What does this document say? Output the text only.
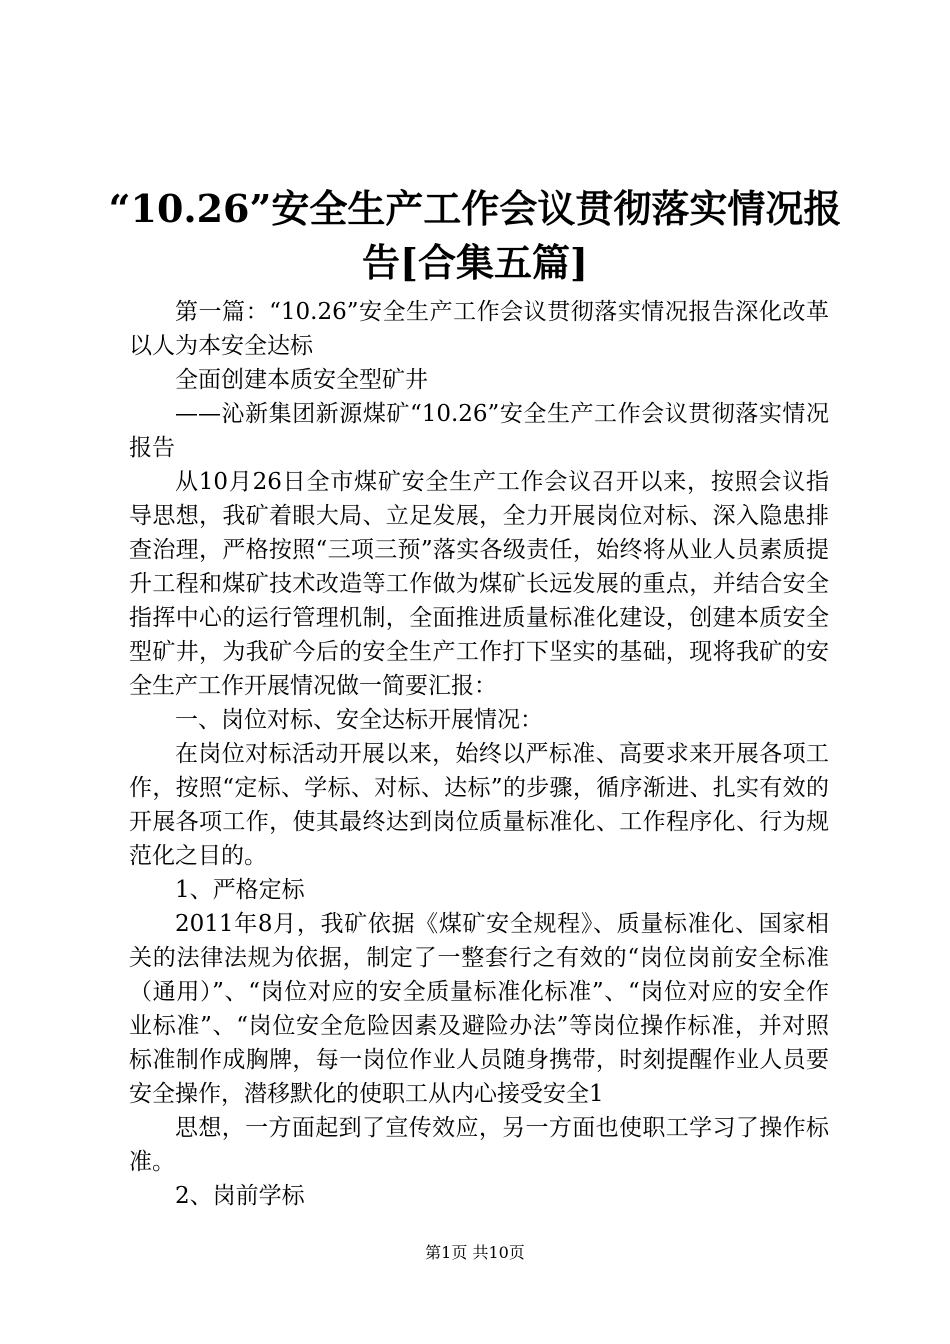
“10.26”安全生产工作会议贯彻落实情况报
告[合集五篇]

第一篇：“10.26”安全生产工作会议贯彻落实情况报告深化改革以人为本安全达标

全面创建本质安全型矿井

——沁新集团新源煤矿“10.26”安全生产工作会议贯彻落实情况报告

从10月26日全市煤矿安全生产工作会议召开以来，按照会议指导思想，我矿着眼大局、立足发展，全力开展岗位对标、深入隐患排查治理，严格按照“三项三预”落实各级责任，始终将从业人员素质提升工程和煤矿技术改造等工作做为煤矿长远发展的重点，并结合安全指挥中心的运行管理机制，全面推进质量标准化建设，创建本质安全型矿井，为我矿今后的安全生产工作打下坚实的基础，现将我矿的安全生产工作开展情况做一简要汇报：

一、岗位对标、安全达标开展情况：

在岗位对标活动开展以来，始终以严标准、高要求来开展各项工作，按照“定标、学标、对标、达标”的步骤，循序渐进、扎实有效的开展各项工作，使其最终达到岗位质量标准化、工作程序化、行为规范化之目的。

1、严格定标

2011年8月，我矿依据《煤矿安全规程》、质量标准化、国家相关的法律法规为依据，制定了一整套行之有效的“岗位岗前安全标准（通用）”、“岗位对应的安全质量标准化标准”、“岗位对应的安全作业标准”、“岗位安全危险因素及避险办法”等岗位操作标准，并对照标准制作成胸牌，每一岗位作业人员随身携带，时刻提醒作业人员要安全操作，潜移默化的使职工从内心接受安全1

思想，一方面起到了宣传效应，另一方面也使职工学习了操作标准。

2、岗前学标

第1页 共10页
